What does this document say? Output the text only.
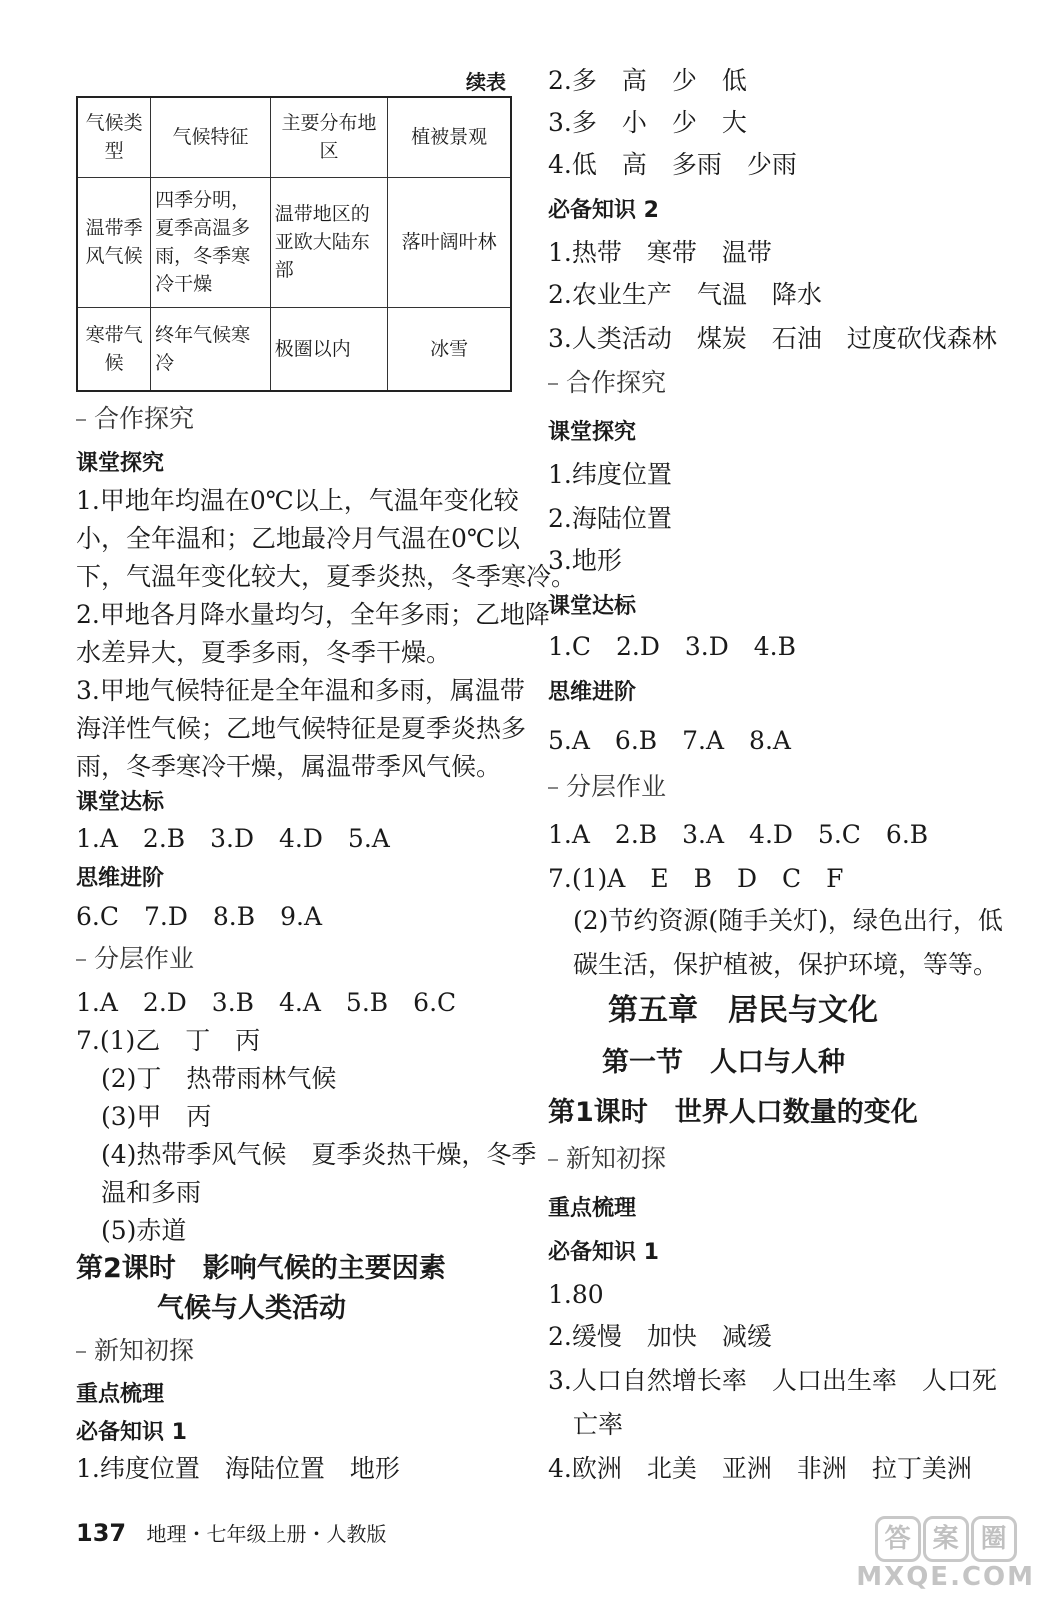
续表
气候类型	气候特征	主要分布地区	植被景观
温带季风气候	四季分明，夏季高温多雨，冬季寒冷干燥	温带地区的亚欧大陆东部	落叶阔叶林
寒带气候	终年气候寒冷	极圈以内	冰雪
合作探究
课堂探究
1.甲地年均温在0℃以上，气温年变化较
小，全年温和；乙地最冷月气温在0℃以
下，气温年变化较大，夏季炎热，冬季寒冷。
2.甲地各月降水量均匀，全年多雨；乙地降
水差异大，夏季多雨，冬季干燥。
3.甲地气候特征是全年温和多雨，属温带
海洋性气候；乙地气候特征是夏季炎热多
雨，冬季寒冷干燥，属温带季风气候。
课堂达标
1.A　2.B　3.D　4.D　5.A
思维进阶
6.C　7.D　8.B　9.A
分层作业
1.A　2.D　3.B　4.A　5.B　6.C
7.(1)乙　丁　丙
　(2)丁　热带雨林气候
　(3)甲　丙
　(4)热带季风气候　夏季炎热干燥，冬季
　温和多雨
　(5)赤道
第2课时　影响气候的主要因素
　　　气候与人类活动
新知初探
重点梳理
必备知识 1
1.纬度位置　海陆位置　地形
2.多　高　少　低
3.多　小　少　大
4.低　高　多雨　少雨
必备知识 2
1.热带　寒带　温带
2.农业生产　气温　降水
3.人类活动　煤炭　石油　过度砍伐森林
合作探究
课堂探究
1.纬度位置
2.海陆位置
3.地形
课堂达标
1.C　2.D　3.D　4.B
思维进阶
5.A　6.B　7.A　8.A
分层作业
1.A　2.B　3.A　4.D　5.C　6.B
7.(1)A　E　B　D　C　F
　(2)节约资源(随手关灯)，绿色出行，低
　碳生活，保护植被，保护环境，等等。
　　第五章　居民与文化
　　第一节　人口与人种
第1课时　世界人口数量的变化
新知初探
重点梳理
必备知识 1
1.80
2.缓慢　加快　减缓
3.人口自然增长率　人口出生率　人口死
　亡率
4.欧洲　北美　亚洲　非洲　拉丁美洲
137 地理・七年级上册・人教版	答 案 圈
MXQE.COM
